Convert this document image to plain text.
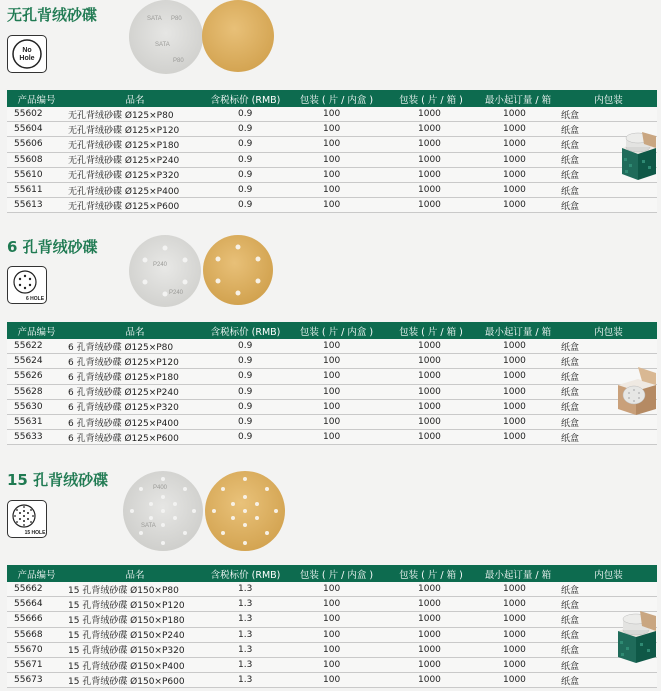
无孔背绒砂碟
No
Hole
SATA P80
SATA
P80
产品编号	品名	含税标价 (RMB)	包装 ( 片 / 内盒 )	包装 ( 片 / 箱 )	最小起订量 / 箱	内包装
55602	无孔背绒砂碟 Ø125×P80	0.9	100	1000	1000	纸盒
55604	无孔背绒砂碟 Ø125×P120	0.9	100	1000	1000	纸盒
55606	无孔背绒砂碟 Ø125×P180	0.9	100	1000	1000	纸盒
55608	无孔背绒砂碟 Ø125×P240	0.9	100	1000	1000	纸盒
55610	无孔背绒砂碟 Ø125×P320	0.9	100	1000	1000	纸盒
55611	无孔背绒砂碟 Ø125×P400	0.9	100	1000	1000	纸盒
55613	无孔背绒砂碟 Ø125×P600	0.9	100	1000	1000	纸盒
6 孔背绒砂碟
6 HOLE
P240
P240
产品编号	品名	含税标价 (RMB)	包装 ( 片 / 内盒 )	包装 ( 片 / 箱 )	最小起订量 / 箱	内包装
55622	6 孔背绒砂碟 Ø125×P80	0.9	100	1000	1000	纸盒
55624	6 孔背绒砂碟 Ø125×P120	0.9	100	1000	1000	纸盒
55626	6 孔背绒砂碟 Ø125×P180	0.9	100	1000	1000	纸盒
55628	6 孔背绒砂碟 Ø125×P240	0.9	100	1000	1000	纸盒
55630	6 孔背绒砂碟 Ø125×P320	0.9	100	1000	1000	纸盒
55631	6 孔背绒砂碟 Ø125×P400	0.9	100	1000	1000	纸盒
55633	6 孔背绒砂碟 Ø125×P600	0.9	100	1000	1000	纸盒
15 孔背绒砂碟
15 HOLE
P400
SATA
产品编号	品名	含税标价 (RMB)	包装 ( 片 / 内盒 )	包装 ( 片 / 箱 )	最小起订量 / 箱	内包装
55662	15 孔背绒砂碟 Ø150×P80	1.3	100	1000	1000	纸盒
55664	15 孔背绒砂碟 Ø150×P120	1.3	100	1000	1000	纸盒
55666	15 孔背绒砂碟 Ø150×P180	1.3	100	1000	1000	纸盒
55668	15 孔背绒砂碟 Ø150×P240	1.3	100	1000	1000	纸盒
55670	15 孔背绒砂碟 Ø150×P320	1.3	100	1000	1000	纸盒
55671	15 孔背绒砂碟 Ø150×P400	1.3	100	1000	1000	纸盒
55673	15 孔背绒砂碟 Ø150×P600	1.3	100	1000	1000	纸盒
